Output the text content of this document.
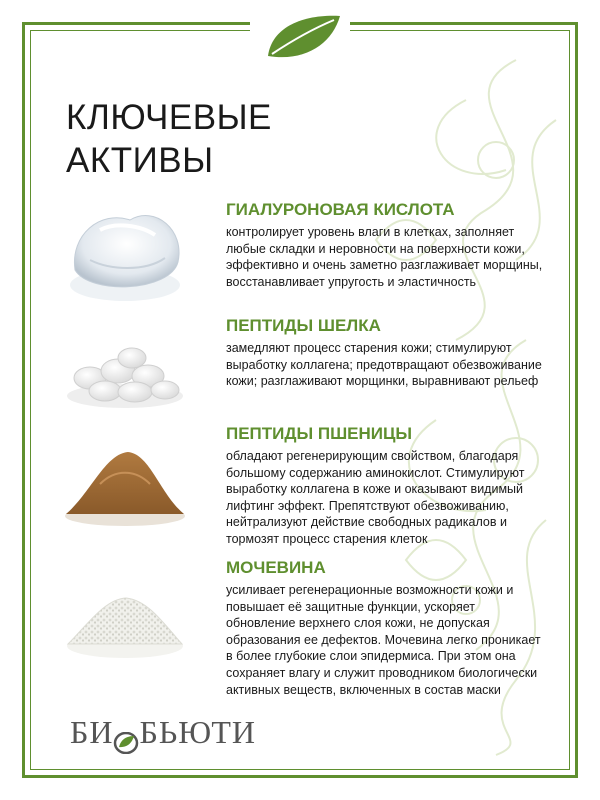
КЛЮЧЕВЫЕ
АКТИВЫ
ГИАЛУРОНОВАЯ КИСЛОТА

контролирует уровень влаги в клетках, заполняет любые складки и неровности на поверхности кожи, эффективно и очень заметно разглаживает морщины, восстанавливает упругость и эластичность

ПЕПТИДЫ ШЕЛКА

замедляют процесс старения кожи; стимулируют выработку коллагена; предотвращают обезвоживание кожи; разглаживают морщинки, выравнивают рельеф

ПЕПТИДЫ ПШЕНИЦЫ

обладают регенерирующим свойством, благодаря большому содержанию аминокислот. Стимулируют выработку коллагена в коже и оказывают видимый лифтинг эффект. Препятствуют обезвоживанию, нейтрализуют действие свободных радикалов и тормозят процесс старения клеток

МОЧЕВИНА

усиливает регенерационные возможности кожи и повышает её защитные функции, ускоряет обновление верхнего слоя кожи, не допуская образования ее дефектов. Мочевина легко проникает в более глубокие слои эпидермиса. При этом она сохраняет влагу и служит проводником биологически активных веществ, включенных в состав маски

БИ БЬЮТИ
